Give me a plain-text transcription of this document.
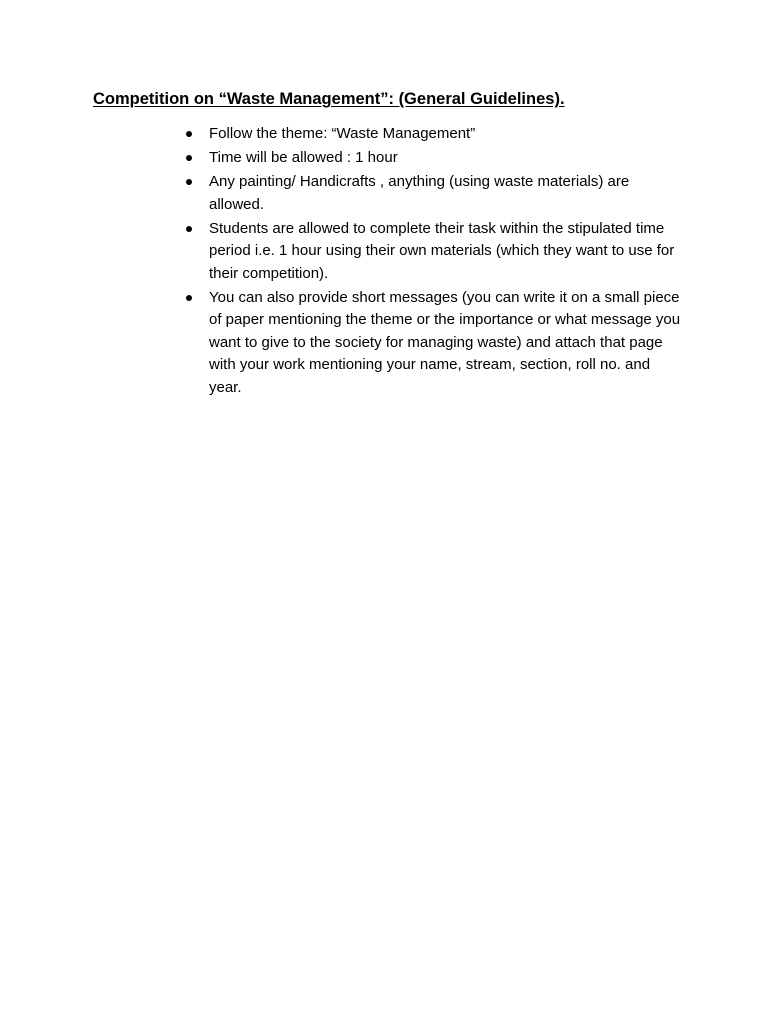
Competition on “Waste Management”: (General Guidelines).
Follow the theme: “Waste Management”
Time will be allowed : 1 hour
Any painting/ Handicrafts , anything (using waste materials) are allowed.
Students are allowed to complete their task within the stipulated time period i.e. 1 hour using their own materials (which they want to use for their competition).
You can also provide short messages (you can write it on a small piece of paper mentioning the theme or the importance or what message you want to give to the society for managing waste) and attach that page with your work mentioning your name, stream, section, roll no. and year.
